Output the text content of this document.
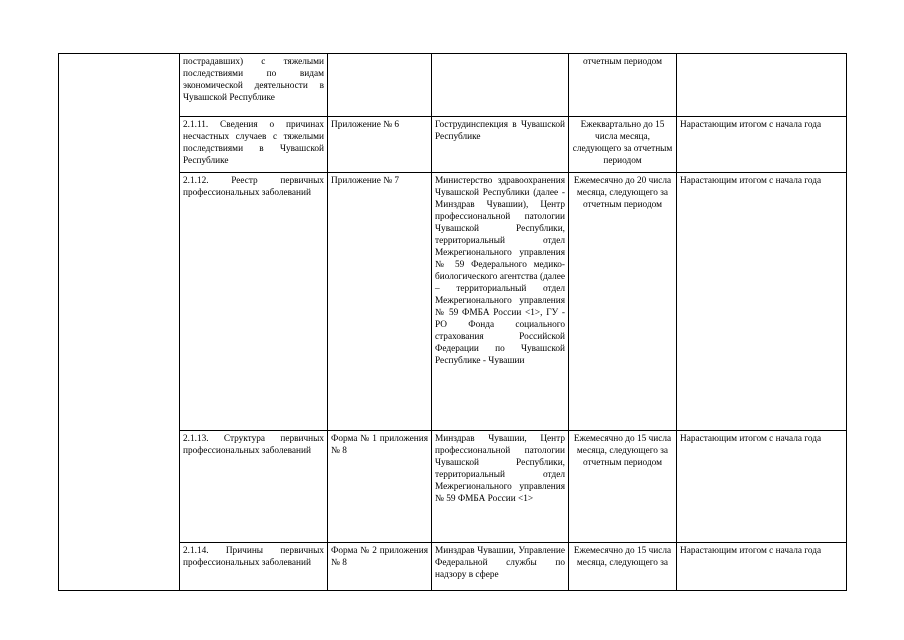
	пострадавших) с тяжелыми последствиями по видам экономической деятельности в Чувашской Республике			отчетным периодом	
	2.1.11. Сведения о причинах несчастных случаев с тяжелыми последствиями в Чувашской Республике	Приложение № 6	Гострудинспекция в Чувашской Республике	Ежеквартально до 15 числа месяца, следующего за отчетным периодом	Нарастающим итогом с начала года
	2.1.12. Реестр первичных профессиональных заболеваний	Приложение № 7	Министерство здравоохранения Чувашской Республики (далее - Минздрав Чувашии), Центр профессиональной патологии Чувашской Республики, территориальный отдел Межрегионального управления № 59 Федерального медико-биологического агентства (далее – территориальный отдел Межрегионального управления № 59 ФМБА России <1>, ГУ - РО Фонда социального страхования Российской Федерации по Чувашской Республике - Чувашии	Ежемесячно до 20 числа месяца, следующего за отчетным периодом	Нарастающим итогом с начала года
	2.1.13. Структура первичных профессиональных заболеваний	Форма № 1 приложения № 8	Минздрав Чувашии, Центр профессиональной патологии Чувашской Республики, территориальный отдел Межрегионального управления № 59 ФМБА России <1>	Ежемесячно до 15 числа месяца, следующего за отчетным периодом	Нарастающим итогом с начала года
	2.1.14. Причины первичных профессиональных заболеваний	Форма № 2 приложения № 8	Минздрав Чувашии, Управление Федеральной службы по надзору в сфере	Ежемесячно до 15 числа месяца, следующего за	Нарастающим итогом с начала года
